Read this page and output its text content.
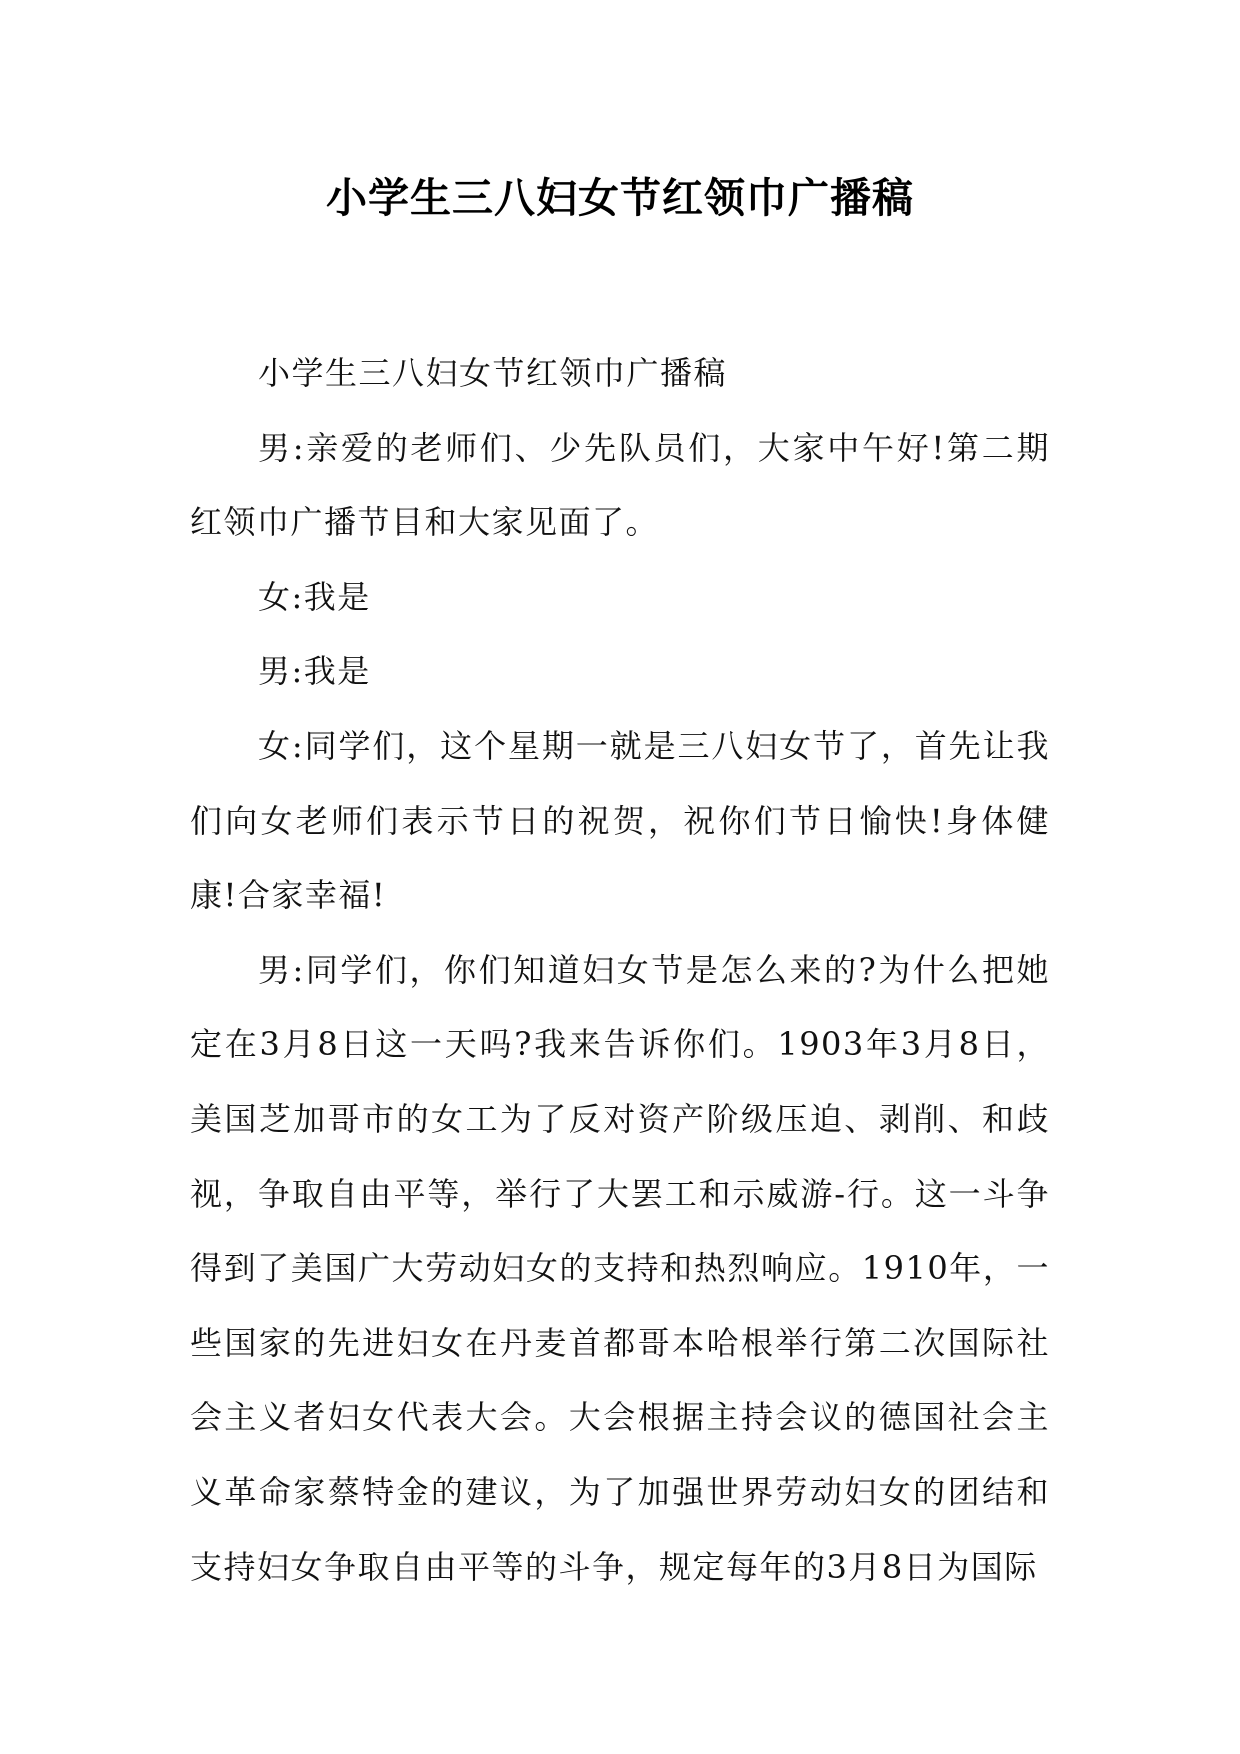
小学生三八妇女节红领巾广播稿

小学生三八妇女节红领巾广播稿

男:亲爱的老师们、少先队员们，大家中午好!第二期红领巾广播节目和大家见面了。

女:我是

男:我是

女:同学们，这个星期一就是三八妇女节了，首先让我们向女老师们表示节日的祝贺，祝你们节日愉快!身体健康!合家幸福!

男:同学们，你们知道妇女节是怎么来的?为什么把她定在3月8日这一天吗?我来告诉你们。1903年3月8日，美国芝加哥市的女工为了反对资产阶级压迫、剥削、和歧视，争取自由平等，举行了大罢工和示威游-行。这一斗争得到了美国广大劳动妇女的支持和热烈响应。1910年，一些国家的先进妇女在丹麦首都哥本哈根举行第二次国际社会主义者妇女代表大会。大会根据主持会议的德国社会主义革命家蔡特金的建议，为了加强世界劳动妇女的团结和支持妇女争取自由平等的斗争，规定每年的3月8日为国际
